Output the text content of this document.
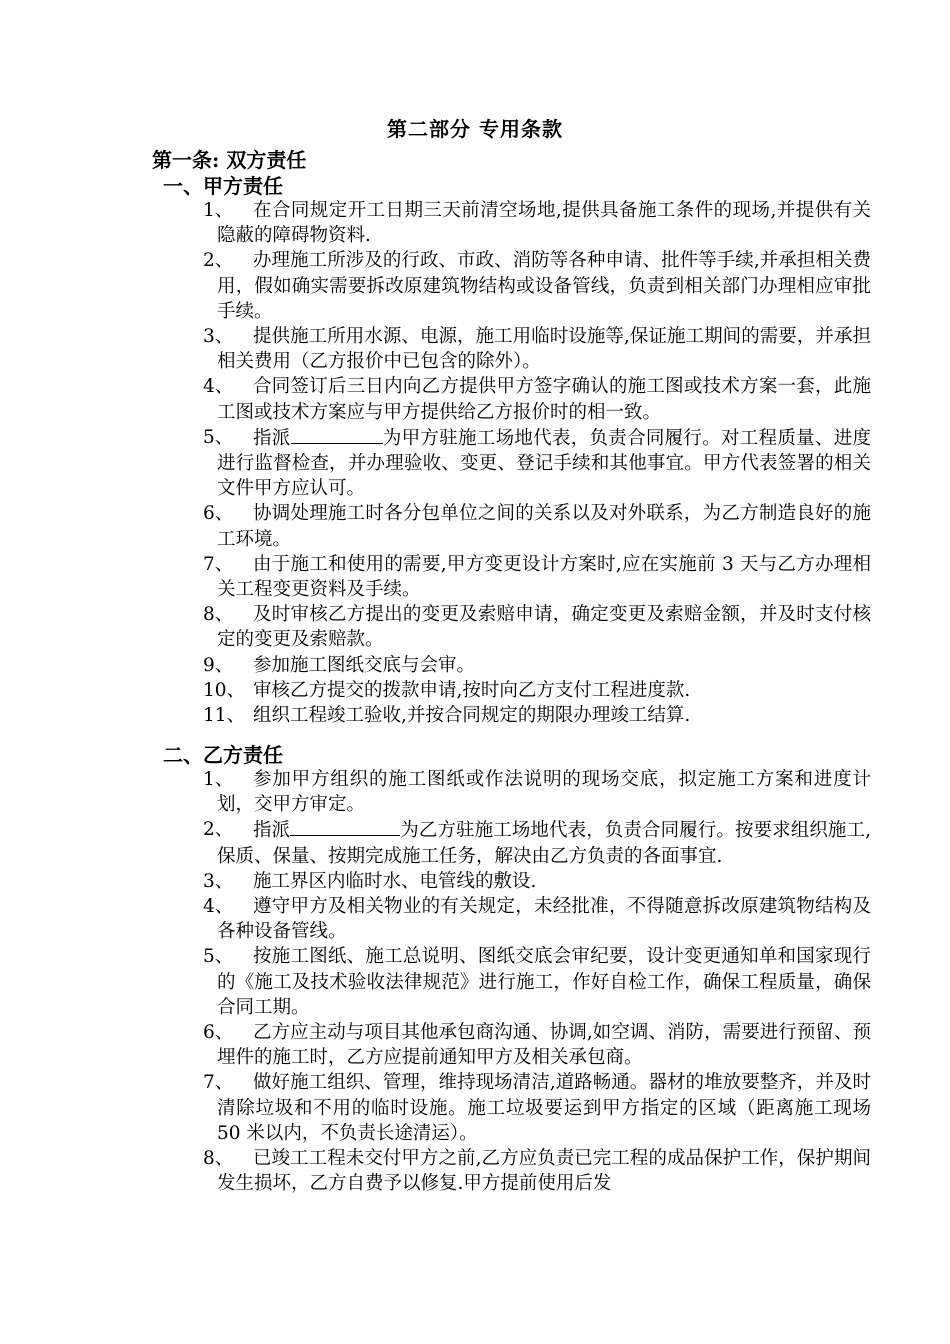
第二部分 专用条款
第一条: 双方责任
一、甲方责任
1、	在合同规定开工日期三天前清空场地,提供具备施工条件的现场,并提供有关隐蔽的障碍物资料.
2、	办理施工所涉及的行政、市政、消防等各种申请、批件等手续,并承担相关费用，假如确实需要拆改原建筑物结构或设备管线，负责到相关部门办理相应审批手续。
3、	提供施工所用水源、电源，施工用临时设施等,保证施工期间的需要，并承担相关费用（乙方报价中已包含的除外）。
4、	合同签订后三日内向乙方提供甲方签字确认的施工图或技术方案一套，此施工图或技术方案应与甲方提供给乙方报价时的相一致。
5、	指派	为甲方驻施工场地代表，负责合同履行。对工程质量、进度进行监督检查，并办理验收、变更、登记手续和其他事宜。甲方代表签署的相关文件甲方应认可。
6、	协调处理施工时各分包单位之间的关系以及对外联系，为乙方制造良好的施工环境。
7、	由于施工和使用的需要,甲方变更设计方案时,应在实施前 3 天与乙方办理相关工程变更资料及手续。
8、	及时审核乙方提出的变更及索赔申请，确定变更及索赔金额，并及时支付核定的变更及索赔款。
9、	参加施工图纸交底与会审。
10、 审核乙方提交的拨款申请,按时向乙方支付工程进度款.
11、 组织工程竣工验收,并按合同规定的期限办理竣工结算.
二、乙方责任
1、	参加甲方组织的施工图纸或作法说明的现场交底，拟定施工方案和进度计划，交甲方审定。
2、	指派	为乙方驻施工场地代表，负责合同履行。按要求组织施工,保质、保量、按期完成施工任务，解决由乙方负责的各面事宜.
3、	施工界区内临时水、电管线的敷设.
4、	遵守甲方及相关物业的有关规定，未经批准，不得随意拆改原建筑物结构及各种设备管线。
5、	按施工图纸、施工总说明、图纸交底会审纪要，设计变更通知单和国家现行的《施工及技术验收法律规范》进行施工，作好自检工作，确保工程质量，确保合同工期。
6、	乙方应主动与项目其他承包商沟通、协调,如空调、消防，需要进行预留、预埋件的施工时，乙方应提前通知甲方及相关承包商。
7、	做好施工组织、管理，维持现场清洁,道路畅通。器材的堆放要整齐，并及时清除垃圾和不用的临时设施。施工垃圾要运到甲方指定的区域（距离施工现场 50 米以内，不负责长途清运）。
8、	已竣工工程未交付甲方之前,乙方应负责已完工程的成品保护工作，保护期间发生损坏，乙方自费予以修复.甲方提前使用后发
